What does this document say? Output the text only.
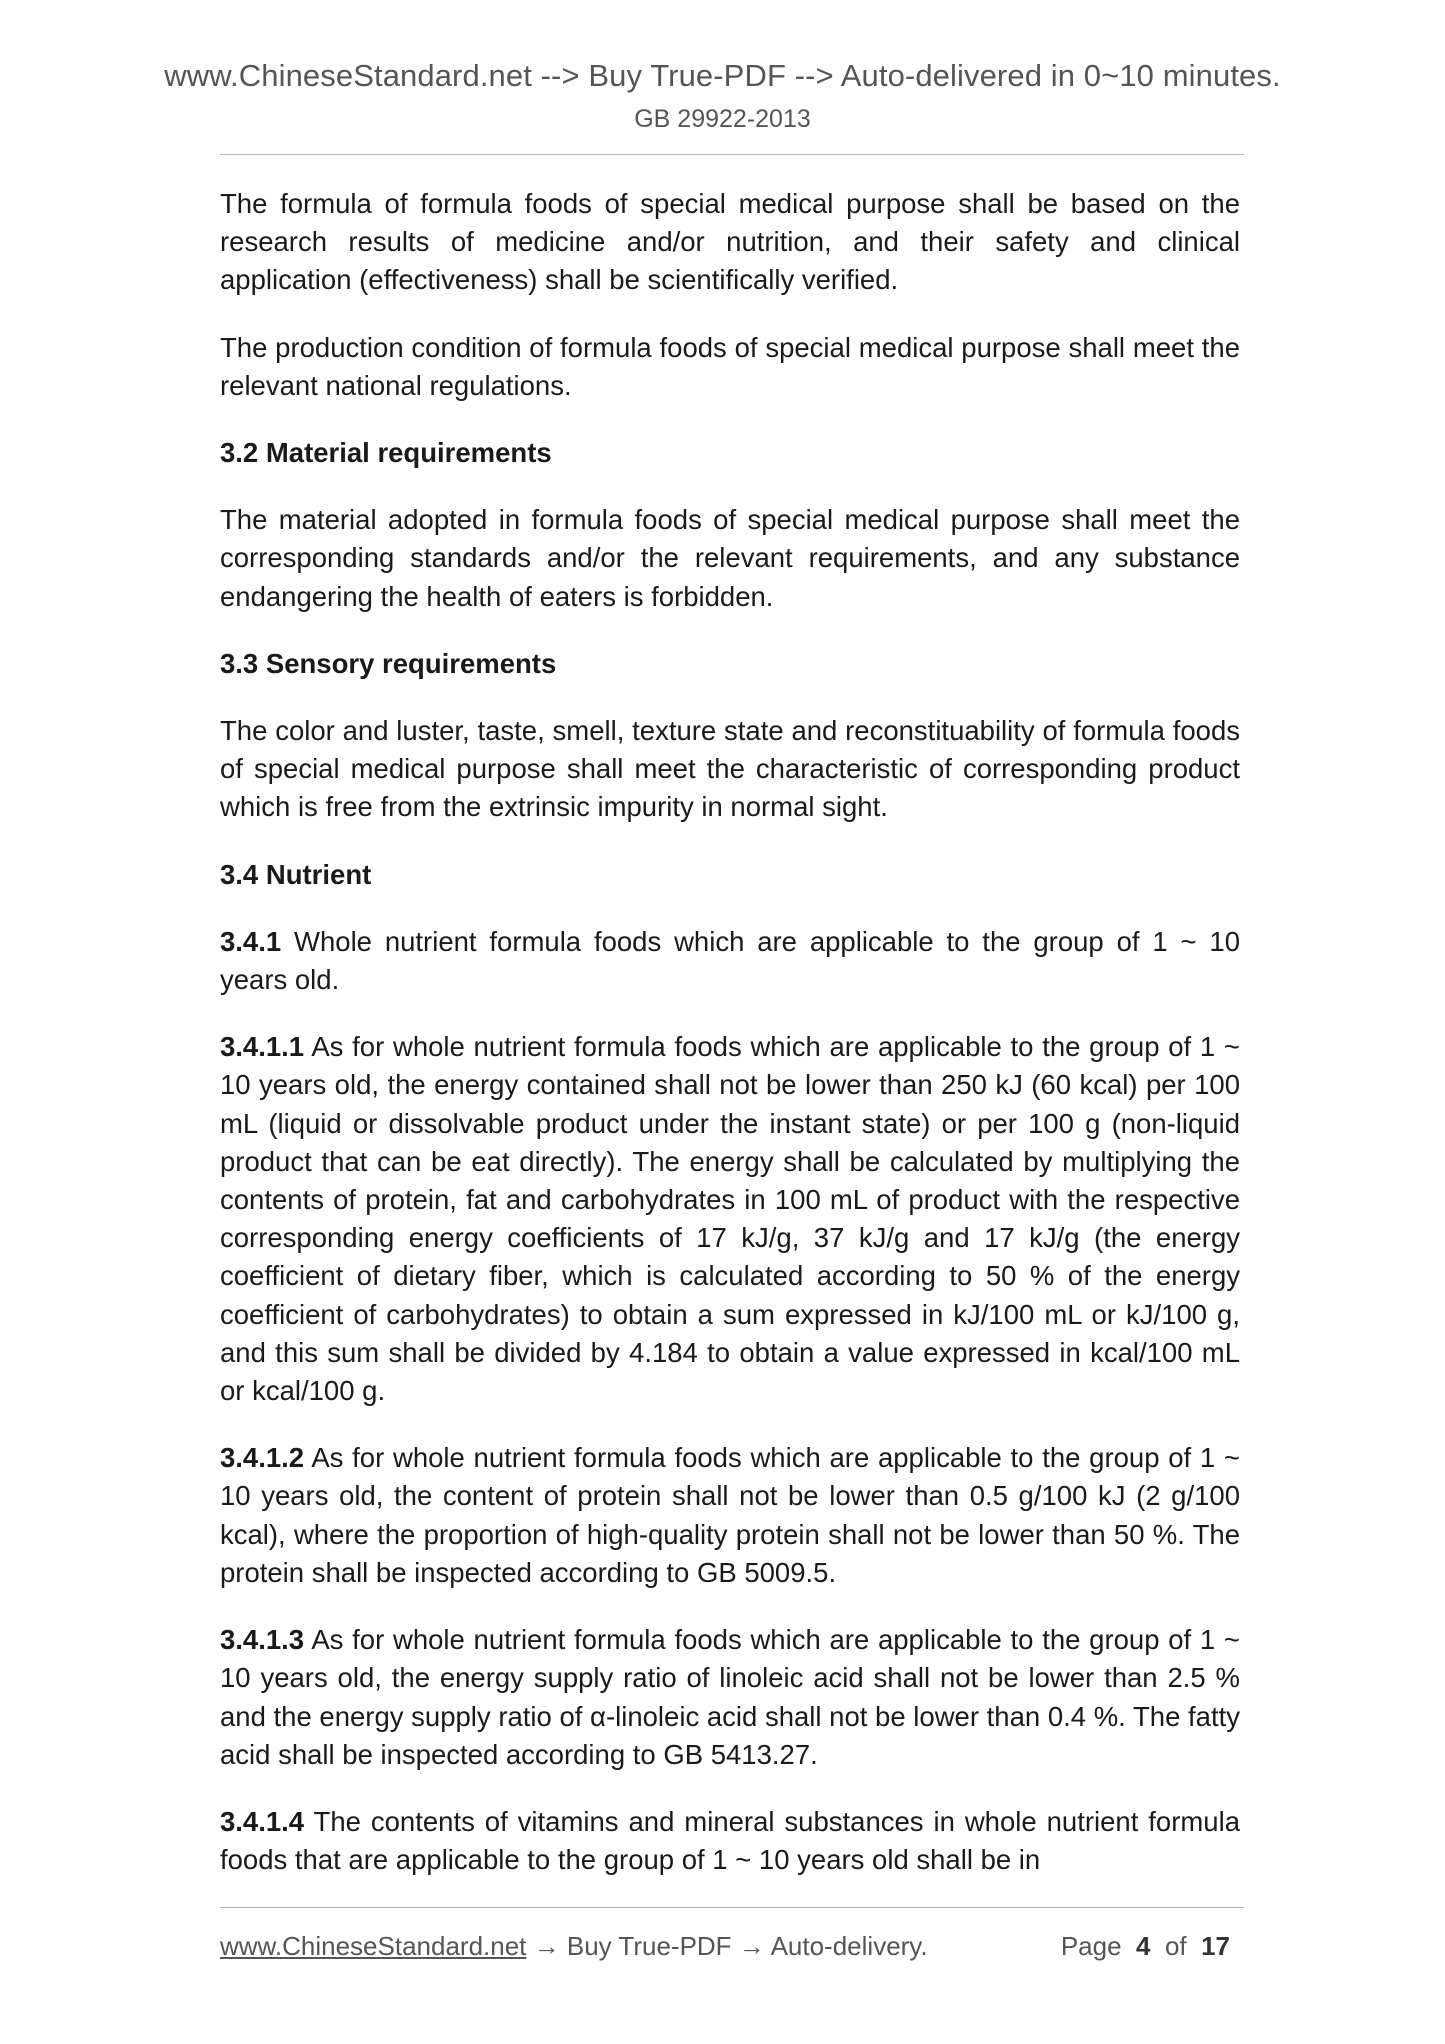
www.ChineseStandard.net --> Buy True-PDF --> Auto-delivered in 0~10 minutes.
GB 29922-2013

The formula of formula foods of special medical purpose shall be based on the research results of medicine and/or nutrition, and their safety and clinical application (effectiveness) shall be scientifically verified.

The production condition of formula foods of special medical purpose shall meet the relevant national regulations.

3.2 Material requirements

The material adopted in formula foods of special medical purpose shall meet the corresponding standards and/or the relevant requirements, and any substance endangering the health of eaters is forbidden.

3.3 Sensory requirements

The color and luster, taste, smell, texture state and reconstituability of formula foods of special medical purpose shall meet the characteristic of corresponding product which is free from the extrinsic impurity in normal sight.

3.4 Nutrient

3.4.1 Whole nutrient formula foods which are applicable to the group of 1 ~ 10 years old.

3.4.1.1 As for whole nutrient formula foods which are applicable to the group of 1 ~ 10 years old, the energy contained shall not be lower than 250 kJ (60 kcal) per 100 mL (liquid or dissolvable product under the instant state) or per 100 g (non-liquid product that can be eat directly). The energy shall be calculated by multiplying the contents of protein, fat and carbohydrates in 100 mL of product with the respective corresponding energy coefficients of 17 kJ/g, 37 kJ/g and 17 kJ/g (the energy coefficient of dietary fiber, which is calculated according to 50 % of the energy coefficient of carbohydrates) to obtain a sum expressed in kJ/100 mL or kJ/100 g, and this sum shall be divided by 4.184 to obtain a value expressed in kcal/100 mL or kcal/100 g.

3.4.1.2 As for whole nutrient formula foods which are applicable to the group of 1 ~ 10 years old, the content of protein shall not be lower than 0.5 g/100 kJ (2 g/100 kcal), where the proportion of high-quality protein shall not be lower than 50 %. The protein shall be inspected according to GB 5009.5.

3.4.1.3 As for whole nutrient formula foods which are applicable to the group of 1 ~ 10 years old, the energy supply ratio of linoleic acid shall not be lower than 2.5 % and the energy supply ratio of α-linoleic acid shall not be lower than 0.4 %. The fatty acid shall be inspected according to GB 5413.27.

3.4.1.4 The contents of vitamins and mineral substances in whole nutrient formula foods that are applicable to the group of 1 ~ 10 years old shall be in

www.ChineseStandard.net → Buy True-PDF → Auto-delivery.	Page 4 of 17
